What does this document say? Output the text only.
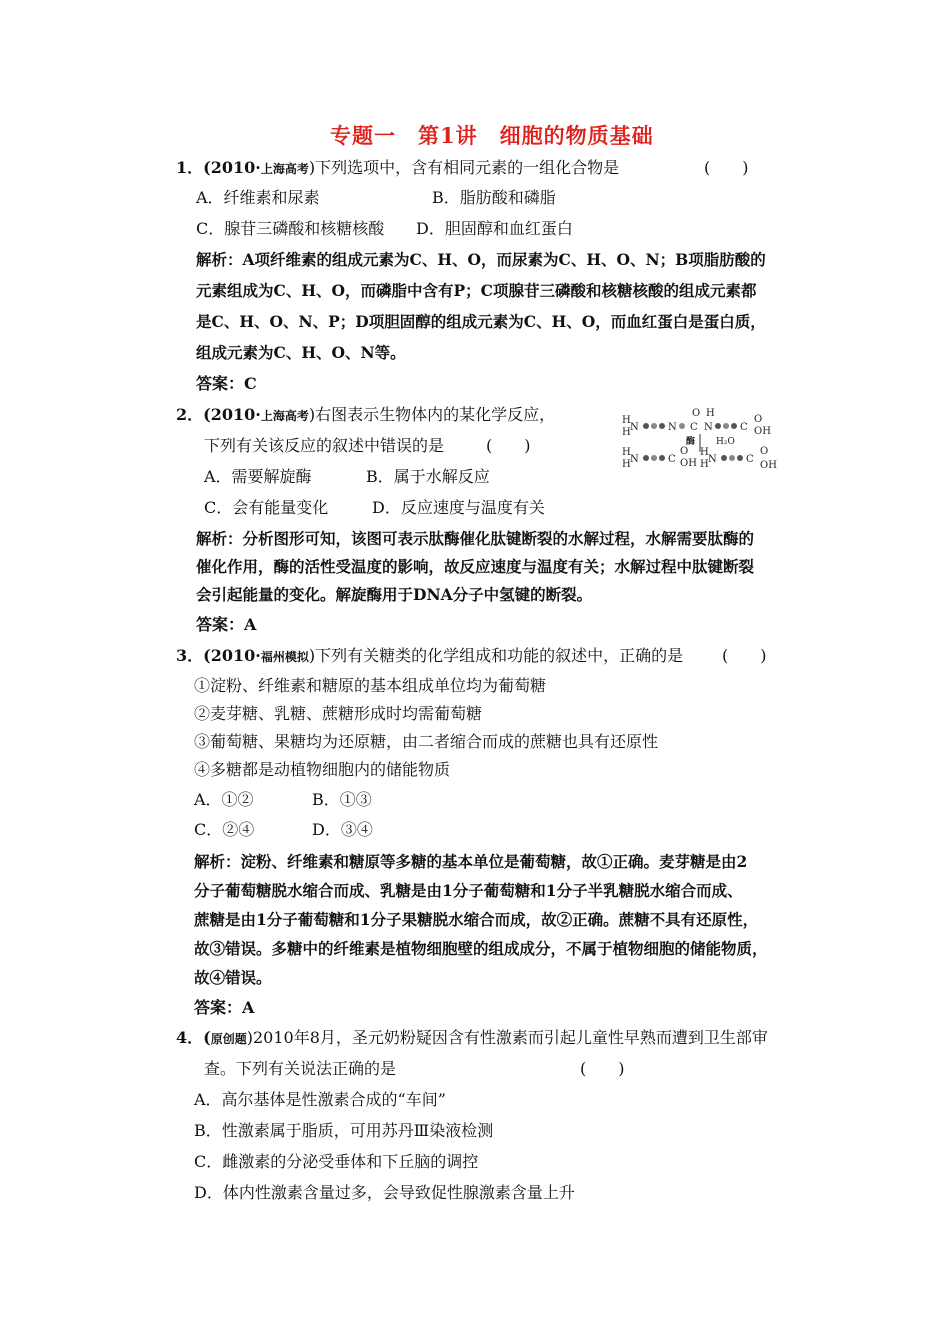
专题一　第1讲　细胞的物质基础
1．(2010·上海高考)下列选项中，含有相同元素的一组化合物是	(　　)
A．纤维素和尿素	B．脂肪酸和磷脂
C．腺苷三磷酸和核糖核酸 D．胆固醇和血红蛋白
解析：A项纤维素的组成元素为C、H、O，而尿素为C、H、O、N；B项脂肪酸的
元素组成为C、H、O，而磷脂中含有P；C项腺苷三磷酸和核糖核酸的组成元素都
是C、H、O、N、P；D项胆固醇的组成元素为C、H、O，而血红蛋白是蛋白质，
组成元素为C、H、O、N等。
答案：C
2．(2010·上海高考)右图表示生物体内的某化学反应，
下列有关该反应的叙述中错误的是	(　　)
A．需要解旋酶	B．属于水解反应
C．会有能量变化	D．反应速度与温度有关
H
H N	N C
O H
N	C
O
OH
酶 H₂O
H
H N	C
O
OH
H
H N	C
O
OH
解析：分析图形可知，该图可表示肽酶催化肽键断裂的水解过程，水解需要肽酶的
催化作用，酶的活性受温度的影响，故反应速度与温度有关；水解过程中肽键断裂
会引起能量的变化。解旋酶用于DNA分子中氢键的断裂。
答案：A
3．(2010·福州模拟)下列有关糖类的化学组成和功能的叙述中，正确的是 (　　)
①淀粉、纤维素和糖原的基本组成单位均为葡萄糖
②麦芽糖、乳糖、蔗糖形成时均需葡萄糖
③葡萄糖、果糖均为还原糖，由二者缩合而成的蔗糖也具有还原性
④多糖都是动植物细胞内的储能物质
A．①②	B．①③
C．②④	D．③④
解析：淀粉、纤维素和糖原等多糖的基本单位是葡萄糖，故①正确。麦芽糖是由2
分子葡萄糖脱水缩合而成、乳糖是由1分子葡萄糖和1分子半乳糖脱水缩合而成、
蔗糖是由1分子葡萄糖和1分子果糖脱水缩合而成，故②正确。蔗糖不具有还原性，
故③错误。多糖中的纤维素是植物细胞壁的组成成分，不属于植物细胞的储能物质，
故④错误。
答案：A
4．(原创题)2010年8月，圣元奶粉疑因含有性激素而引起儿童性早熟而遭到卫生部审
查。下列有关说法正确的是	(　　)
A．高尔基体是性激素合成的“车间”
B．性激素属于脂质，可用苏丹Ⅲ染液检测
C．雌激素的分泌受垂体和下丘脑的调控
D．体内性激素含量过多，会导致促性腺激素含量上升
